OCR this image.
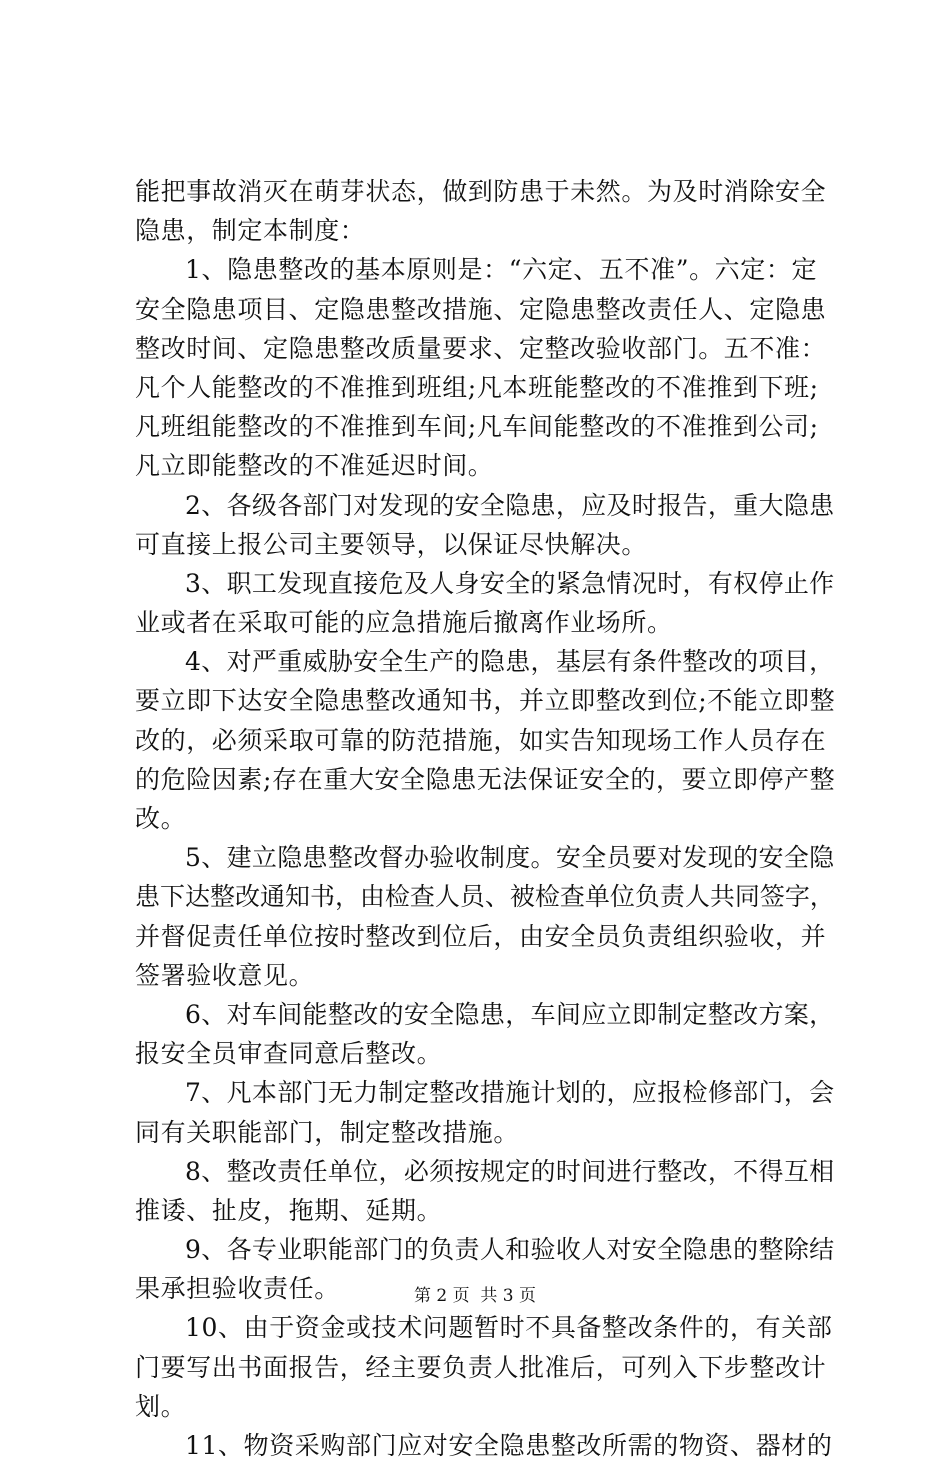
能把事故消灭在萌芽状态，做到防患于未然。为及时消除安全
隐患，制定本制度：
1、隐患整改的基本原则是：“六定、五不准”。六定：定
安全隐患项目、定隐患整改措施、定隐患整改责任人、定隐患
整改时间、定隐患整改质量要求、定整改验收部门。五不准：
凡个人能整改的不准推到班组;凡本班能整改的不准推到下班;
凡班组能整改的不准推到车间;凡车间能整改的不准推到公司;
凡立即能整改的不准延迟时间。
2、各级各部门对发现的安全隐患，应及时报告，重大隐患
可直接上报公司主要领导，以保证尽快解决。
3、职工发现直接危及人身安全的紧急情况时，有权停止作
业或者在采取可能的应急措施后撤离作业场所。
4、对严重威胁安全生产的隐患，基层有条件整改的项目，
要立即下达安全隐患整改通知书，并立即整改到位;不能立即整
改的，必须采取可靠的防范措施，如实告知现场工作人员存在
的危险因素;存在重大安全隐患无法保证安全的，要立即停产整
改。
5、建立隐患整改督办验收制度。安全员要对发现的安全隐
患下达整改通知书，由检查人员、被检查单位负责人共同签字，
并督促责任单位按时整改到位后，由安全员负责组织验收，并
签署验收意见。
6、对车间能整改的安全隐患，车间应立即制定整改方案，
报安全员审查同意后整改。
7、凡本部门无力制定整改措施计划的，应报检修部门，会
同有关职能部门，制定整改措施。
8、整改责任单位，必须按规定的时间进行整改，不得互相
推诿、扯皮，拖期、延期。
9、各专业职能部门的负责人和验收人对安全隐患的整除结
果承担验收责任。
10、由于资金或技术问题暂时不具备整改条件的，有关部
门要写出书面报告，经主要负责人批准后，可列入下步整改计
划。
11、物资采购部门应对安全隐患整改所需的物资、器材的
第 2 页  共 3 页
